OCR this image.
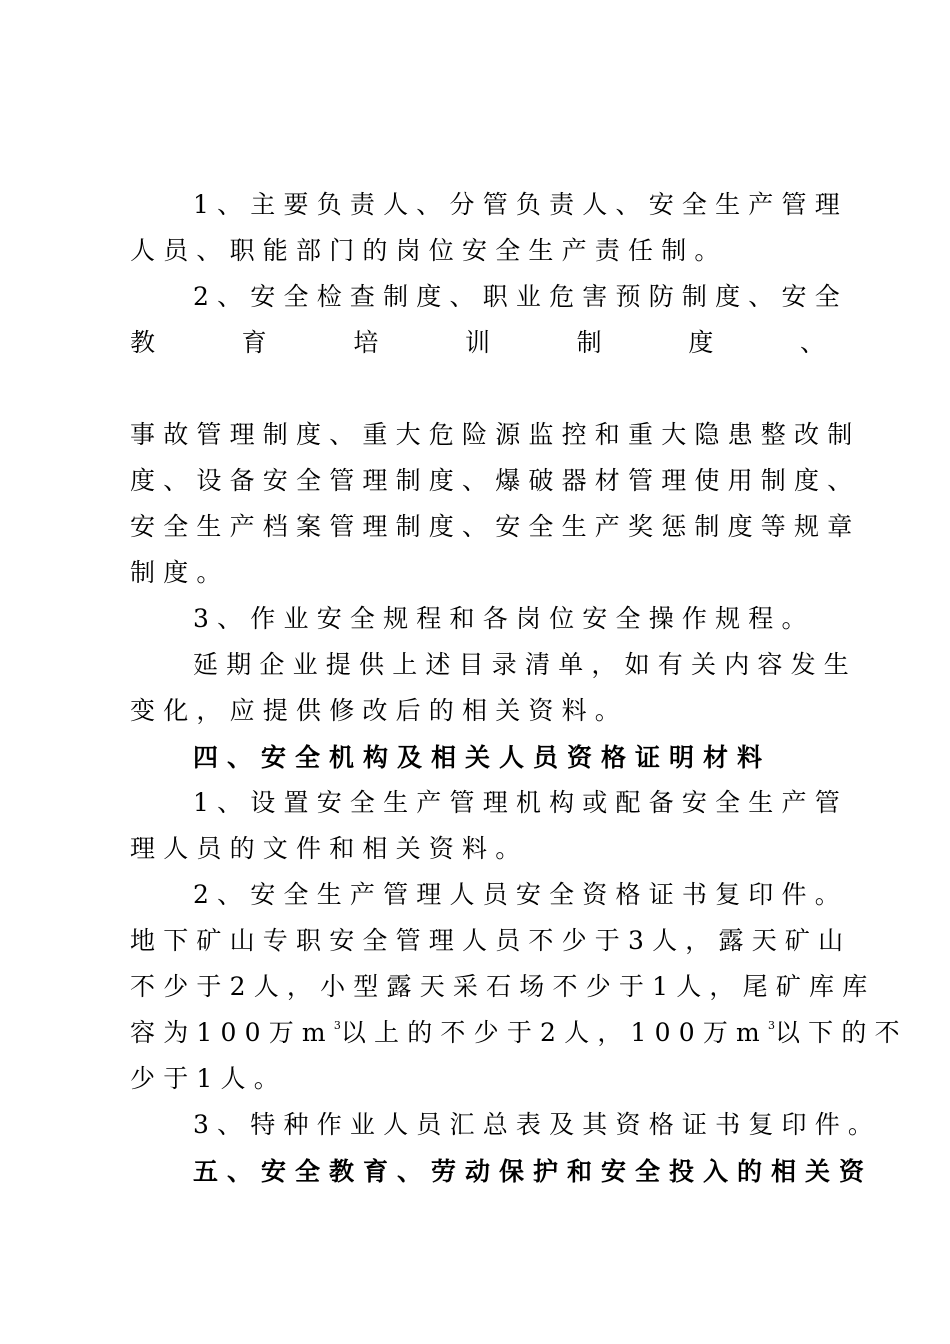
1、主要负责人、分管负责人、安全生产管理
人员、职能部门的岗位安全生产责任制。
2、安全检查制度、职业危害预防制度、安全
教育培训制度、
事故管理制度、重大危险源监控和重大隐患整改制
度、设备安全管理制度、爆破器材管理使用制度、
安全生产档案管理制度、安全生产奖惩制度等规章
制度。
3、作业安全规程和各岗位安全操作规程。
延期企业提供上述目录清单，如有关内容发生
变化，应提供修改后的相关资料。
四、安全机构及相关人员资格证明材料
1、设置安全生产管理机构或配备安全生产管
理人员的文件和相关资料。
2、安全生产管理人员安全资格证书复印件。
地下矿山专职安全管理人员不少于3人，露天矿山
不少于2人，小型露天采石场不少于1人，尾矿库库
容为100万$m^3$以上的不少于2人，100万$m^3$以下的不
少于1人。
3、特种作业人员汇总表及其资格证书复印件。
五、安全教育、劳动保护和安全投入的相关资
